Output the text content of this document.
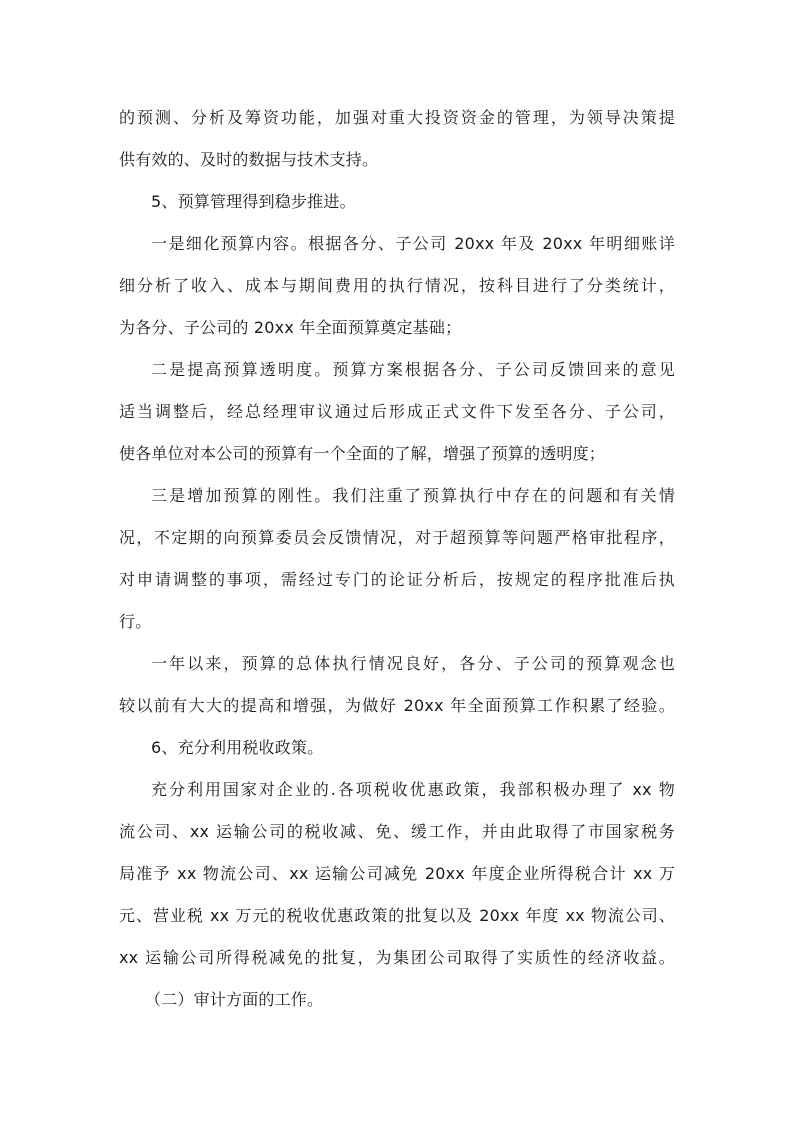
的预测、分析及筹资功能，加强对重大投资资金的管理，为领导决策提
供有效的、及时的数据与技术支持。
5、预算管理得到稳步推进。
一是细化预算内容。根据各分、子公司 20xx 年及 20xx 年明细账详
细分析了收入、成本与期间费用的执行情况，按科目进行了分类统计，
为各分、子公司的 20xx 年全面预算奠定基础；
二是提高预算透明度。预算方案根据各分、子公司反馈回来的意见
适当调整后，经总经理审议通过后形成正式文件下发至各分、子公司，
使各单位对本公司的预算有一个全面的了解，增强了预算的透明度；
三是增加预算的刚性。我们注重了预算执行中存在的问题和有关情
况，不定期的向预算委员会反馈情况，对于超预算等问题严格审批程序，
对申请调整的事项，需经过专门的论证分析后，按规定的程序批准后执
行。
一年以来，预算的总体执行情况良好，各分、子公司的预算观念也
较以前有大大的提高和增强，为做好 20xx 年全面预算工作积累了经验。
6、充分利用税收政策。
充分利用国家对企业的.各项税收优惠政策，我部积极办理了 xx 物
流公司、xx 运输公司的税收减、免、缓工作，并由此取得了市国家税务
局准予 xx 物流公司、xx 运输公司减免 20xx 年度企业所得税合计 xx 万
元、营业税 xx 万元的税收优惠政策的批复以及 20xx 年度 xx 物流公司、
xx 运输公司所得税减免的批复，为集团公司取得了实质性的经济收益。
（二）审计方面的工作。
